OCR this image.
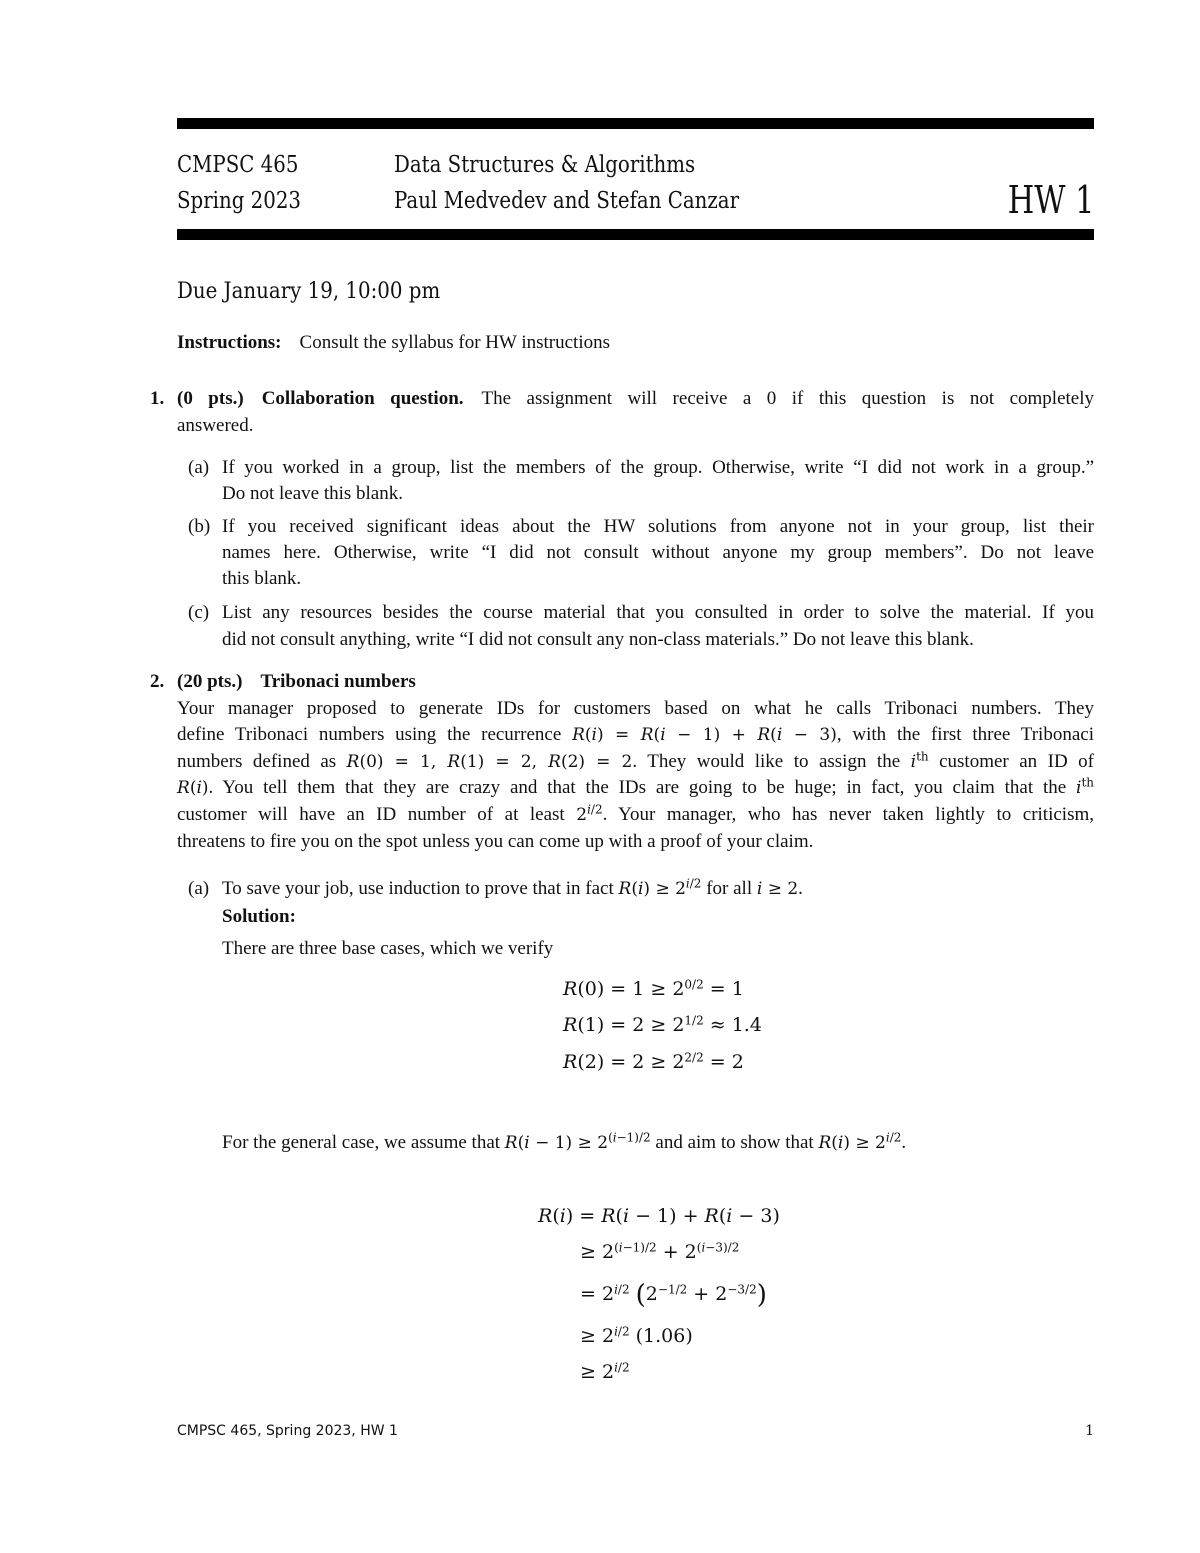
CMPSC 465
Spring 2023
Data Structures & Algorithms
Paul Medvedev and Stefan Canzar	HW 1
Due January 19, 10:00 pm
Instructions: Consult the syllabus for HW instructions
1. (0 pts.) Collaboration question. The assignment will receive a 0 if this question is not completely
answered.
(a) If you worked in a group, list the members of the group. Otherwise, write “I did not work in a group.”
Do not leave this blank.
(b) If you received significant ideas about the HW solutions from anyone not in your group, list their
names here. Otherwise, write “I did not consult without anyone my group members”. Do not leave
this blank.
(c) List any resources besides the course material that you consulted in order to solve the material. If you
did not consult anything, write “I did not consult any non-class materials.” Do not leave this blank.
2. (20 pts.) Tribonaci numbers
Your manager proposed to generate IDs for customers based on what he calls Tribonaci numbers. They
define Tribonaci numbers using the recurrence R(i) = R(i − 1) + R(i − 3), with the first three Tribonaci
numbers defined as R(0) = 1, R(1) = 2, R(2) = 2. They would like to assign the $i^{th}$ customer an ID of
R(i). You tell them that they are crazy and that the IDs are going to be huge; in fact, you claim that the $i^{th}$
customer will have an ID number of at least $2^{i/2}$. Your manager, who has never taken lightly to criticism,
threatens to fire you on the spot unless you can come up with a proof of your claim.
(a) To save your job, use induction to prove that in fact $R(i) \ge 2^{i/2}$ for all i ≥ 2.
Solution:
There are three base cases, which we verify
$R(0) = 1 \ge 2^{0/2} = 1$
$R(1) = 2 \ge 2^{1/2} \approx 1.4$
$R(2) = 2 \ge 2^{2/2} = 2$
For the general case, we assume that $R(i - 1) \ge 2^{(i-1)/2}$ and aim to show that $R(i) \ge 2^{i/2}$.
R(i) = R(i − 1) + R(i − 3)
≥ $2^{(i-1)/2} + 2^{(i-3)/2}$
= $2^{i/2}$ $(2^{-1/2} + 2^{-3/2})$
≥ $2^{i/2}$ (1.06)
≥ $2^{i/2}$
CMPSC 465, Spring 2023, HW 1	1
